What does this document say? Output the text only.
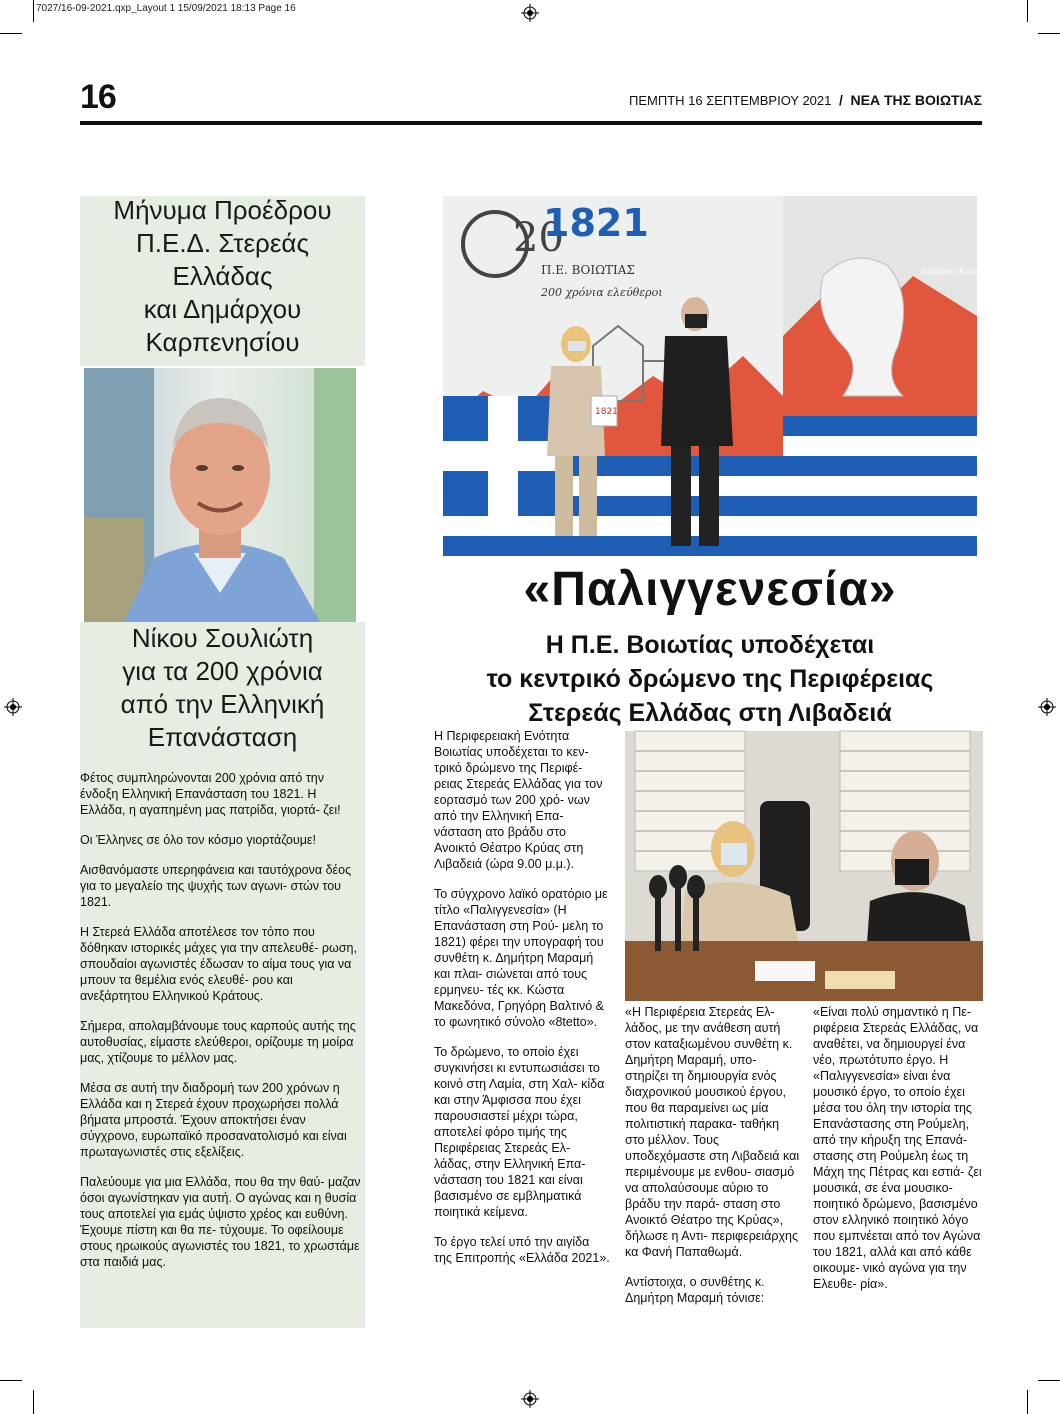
7027/16-09-2021.qxp_Layout 1 15/09/2021 18:13 Page 16
16	ΠΕΜΠΤΗ 16 ΣΕΠΤΕΜΒΡΙΟΥ 2021 / ΝΕΑ ΤΗΣ ΒΟΙΩΤΙΑΣ
Μήνυμα Προέδρου
Π.Ε.Δ. Στερεάς
Ελλάδας
και Δημάρχου
Καρπενησίου
Νίκου Σουλιώτη
για τα 200 χρόνια
από την Ελληνική
Επανάσταση

Φέτος συμπληρώνονται 200 χρόνια από την ένδοξη Ελληνική Επανάσταση του 1821. Η Ελλάδα, η αγαπημένη μας πατρίδα, γιορτά- ζει!

Οι Έλληνες σε όλο τον κόσμο γιορτάζουμε!

Αισθανόμαστε υπερηφάνεια και ταυτόχρονα δέος για το μεγαλείο της ψυχής των αγωνι- στών του 1821.

Η Στερεά Ελλάδα αποτέλεσε τον τόπο που δόθηκαν ιστορικές μάχες για την απελευθέ- ρωση, σπουδαίοι αγωνιστές έδωσαν το αίμα τους για να μπουν τα θεμέλια ενός ελευθέ- ρου και ανεξάρτητου Ελληνικού Κράτους.

Σήμερα, απολαμβάνουμε τους καρπούς αυτής της αυτοθυσίας, είμαστε ελεύθεροι, ορίζουμε τη μοίρα μας, χτίζουμε το μέλλον μας.

Μέσα σε αυτή την διαδρομή των 200 χρόνων η Ελλάδα και η Στερεά έχουν προχωρήσει πολλά βήματα μπροστά. Έχουν αποκτήσει έναν σύγχρονο, ευρωπαϊκό προσανατολισμό και είναι πρωταγωνιστές στις εξελίξεις.

Παλεύουμε για μια Ελλάδα, που θα την θαύ- μαζαν όσοι αγωνίστηκαν για αυτή. Ο αγώνας και η θυσία τους αποτελεί για εμάς ύψιστο χρέος και ευθύνη. Έχουμε πίστη και θα πε- τύχουμε. Το οφείλουμε στους ηρωικούς αγωνιστές του 1821, το χρωστάμε στα παιδιά μας.

20
1821
Π.Ε. ΒΟΙΩΤΙΑΣ
200 χρόνια ελεύθεροι
Λάμπρος Κατσώνης
1821
«Παλιγγενεσία»
Η Π.Ε. Βοιωτίας υποδέχεται
το κεντρικό δρώμενο της Περιφέρειας
Στερεάς Ελλάδας στη Λιβαδειά

Η Περιφερειακή Ενότητα Βοιωτίας υποδέχεται το κεν- τρικό δρώμενο της Περιφέ- ρειας Στερεάς Ελλάδας για τον εορτασμό των 200 χρό- νων από την Ελληνική Επα- νάσταση ατο βράδυ στο Ανοικτό Θέατρο Κρύας στη Λιβαδειά (ώρα 9.00 μ.μ.).

Το σύγχρονο λαϊκό ορατόριο με τίτλο «Παλιγγενεσία» (Η Επανάσταση στη Ρού- μελη το 1821) φέρει την υπογραφή του συνθέτη κ. Δημήτρη Μαραμή και πλαι- σιώνεται από τους ερμηνευ- τές κκ. Κώστα Μακεδόνα, Γρηγόρη Βαλτινό & το φωνητικό σύνολο «8tetto».

Το δρώμενο, το οποίο έχει συγκινήσει κι εντυπωσιάσει το κοινό στη Λαμία, στη Χαλ- κίδα και στην Άμφισσα που έχει παρουσιαστεί μέχρι τώρα, αποτελεί φόρο τιμής της Περιφέρειας Στερεάς Ελ- λάδας, στην Ελληνική Επα- νάσταση του 1821 και είναι βασισμένο σε εμβληματικά ποιητικά κείμενα.

Το έργο τελεί υπό την αιγίδα της Επιτροπής «Ελλάδα 2021».

«Η Περιφέρεια Στερεάς Ελ- λάδος, με την ανάθεση αυτή στον καταξιωμένου συνθέτη κ. Δημήτρη Μαραμή, υπο- στηρίζει τη δημιουργία ενός διαχρονικού μουσικού έργου, που θα παραμείνει ως μία πολιτιστική παρακα- ταθήκη στο μέλλον. Τους υποδεχόμαστε στη Λιβαδειά και περιμένουμε με ενθου- σιασμό να απολαύσουμε αύριο το βράδυ την παρά- σταση στο Ανοικτό Θέατρο της Κρύας», δήλωσε η Αντι- περιφερειάρχης κα Φανή Παπαθωμά.

Αντίστοιχα, ο συνθέτης κ. Δημήτρη Μαραμή τόνισε:

«Είναι πολύ σημαντικό η Πε- ριφέρεια Στερεάς Ελλάδας, να αναθέτει, να δημιουργεί ένα νέο, πρωτότυπο έργο. Η «Παλιγγενεσία» είναι ένα μουσικό έργο, το οποίο έχει μέσα του όλη την ιστορία της Επανάστασης στη Ρούμελη, από την κήρυξη της Επανά- στασης στη Ρούμελη έως τη Μάχη της Πέτρας και εστιά- ζει μουσικά, σε ένα μουσικο- ποιητικό δρώμενο, βασισμένο στον ελληνικό ποιητικό λόγο που εμπνέεται από τον Αγώνα του 1821, αλλά και από κάθε οικουμε- νικό αγώνα για την Ελευθε- ρία».
